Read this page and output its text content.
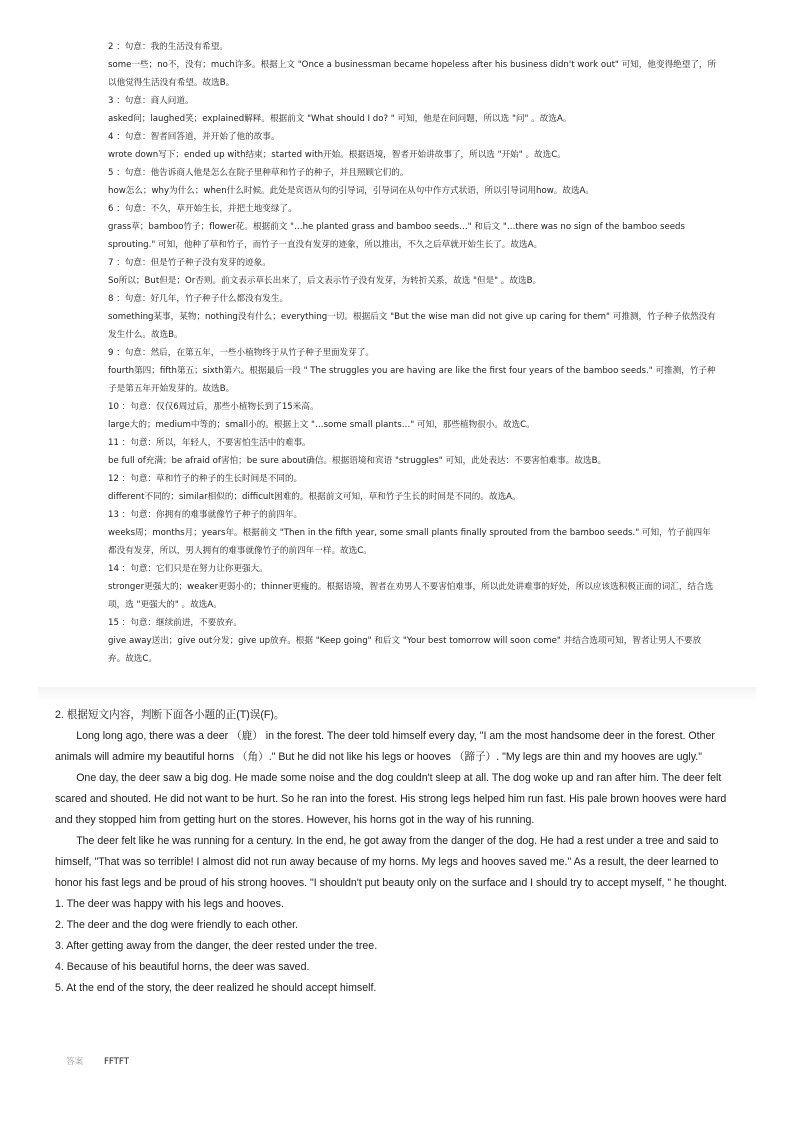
2 ：句意：我的生活没有希望。

some一些；no不，没有；much许多。根据上文 "Once a businessman became hopeless after his business didn't work out" 可知，他变得绝望了，所以他觉得生活没有希望。故选B。

3 ：句意：商人问道。

asked问；laughed笑；explained解释。根据前文 "What should I do? " 可知，他是在问问题，所以选 "问" 。故选A。

4 ：句意：智者回答道，并开始了他的故事。

wrote down写下；ended up with结束；started with开始。根据语境，智者开始讲故事了，所以选 "开始" 。故选C。

5 ：句意：他告诉商人他是怎么在院子里种草和竹子的种子，并且照顾它们的。

how怎么；why为什么；when什么时候。此处是宾语从句的引导词，引导词在从句中作方式状语，所以引导词用how。故选A。

6 ：句意：不久，草开始生长，并把土地变绿了。

grass草；bamboo竹子；flower花。根据前文 "…he planted grass and bamboo seeds…" 和后文 "…there was no sign of the bamboo seeds sprouting." 可知，他种了草和竹子，而竹子一直没有发芽的迹象，所以推出，不久之后草就开始生长了。故选A。

7 ：句意：但是竹子种子没有发芽的迹象。

So所以；But但是；Or否则。前文表示草长出来了，后文表示竹子没有发芽，为转折关系，故选 "但是" 。故选B。

8 ：句意：好几年，竹子种子什么都没有发生。

something某事，某物；nothing没有什么；everything一切。根据后文 "But the wise man did not give up caring for them" 可推测，竹子种子依然没有发生什么。故选B。

9 ：句意：然后，在第五年，一些小植物终于从竹子种子里面发芽了。

fourth第四；fifth第五；sixth第六。根据最后一段 " The struggles you are having are like the first four years of the bamboo seeds." 可推测，竹子种子是第五年开始发芽的。故选B。

10 ：句意：仅仅6周过后，那些小植物长到了15米高。

large大的；medium中等的；small小的。根据上文 "…some small plants…" 可知，那些植物很小。故选C。

11 ：句意：所以，年轻人，不要害怕生活中的难事。

be full of充满；be afraid of害怕；be sure about确信。根据语境和宾语 "struggles" 可知，此处表达：不要害怕难事。故选B。

12 ：句意：草和竹子的种子的生长时间是不同的。

different不同的；similar相似的；difficult困难的。根据前文可知，草和竹子生长的时间是不同的。故选A。

13 ：句意：你拥有的难事就像竹子种子的前四年。

weeks周；months月；years年。根据前文 "Then in the fifth year, some small plants finally sprouted from the bamboo seeds." 可知，竹子前四年都没有发芽，所以，男人拥有的难事就像竹子的前四年一样。故选C。

14 ：句意：它们只是在努力让你更强大。

stronger更强大的；weaker更弱小的；thinner更瘦的。根据语境，智者在劝男人不要害怕难事，所以此处讲难事的好处，所以应该选积极正面的词汇，结合选项，选 "更强大的" 。故选A。

15 ：句意：继续前进，不要放弃。

give away送出；give out分发；give up放弃。根据 "Keep going" 和后文 "Your best tomorrow will soon come" 并结合选项可知，智者让男人不要放弃。故选C。

2. 根据短文内容，判断下面各小题的正(T)误(F)。

Long long ago, there was a deer （鹿） in the forest. The deer told himself every day, "I am the most handsome deer in the forest. Other animals will admire my beautiful horns （角）." But he did not like his legs or hooves （蹄子）. "My legs are thin and my hooves are ugly."

One day, the deer saw a big dog. He made some noise and the dog couldn't sleep at all. The dog woke up and ran after him. The deer felt scared and shouted. He did not want to be hurt. So he ran into the forest. His strong legs helped him run fast. His pale brown hooves were hard and they stopped him from getting hurt on the stores. However, his horns got in the way of his running.

The deer felt like he was running for a century. In the end, he got away from the danger of the dog. He had a rest under a tree and said to himself, "That was so terrible! I almost did not run away because of my horns. My legs and hooves saved me." As a result, the deer learned to honor his fast legs and be proud of his strong hooves. "I shouldn't put beauty only on the surface and I should try to accept myself, " he thought.

1. The deer was happy with his legs and hooves.

2. The deer and the dog were friendly to each other.

3. After getting away from the danger, the deer rested under the tree.

4. Because of his beautiful horns, the deer was saved.

5. At the end of the story, the deer realized he should accept himself.

答案 FFTFT
